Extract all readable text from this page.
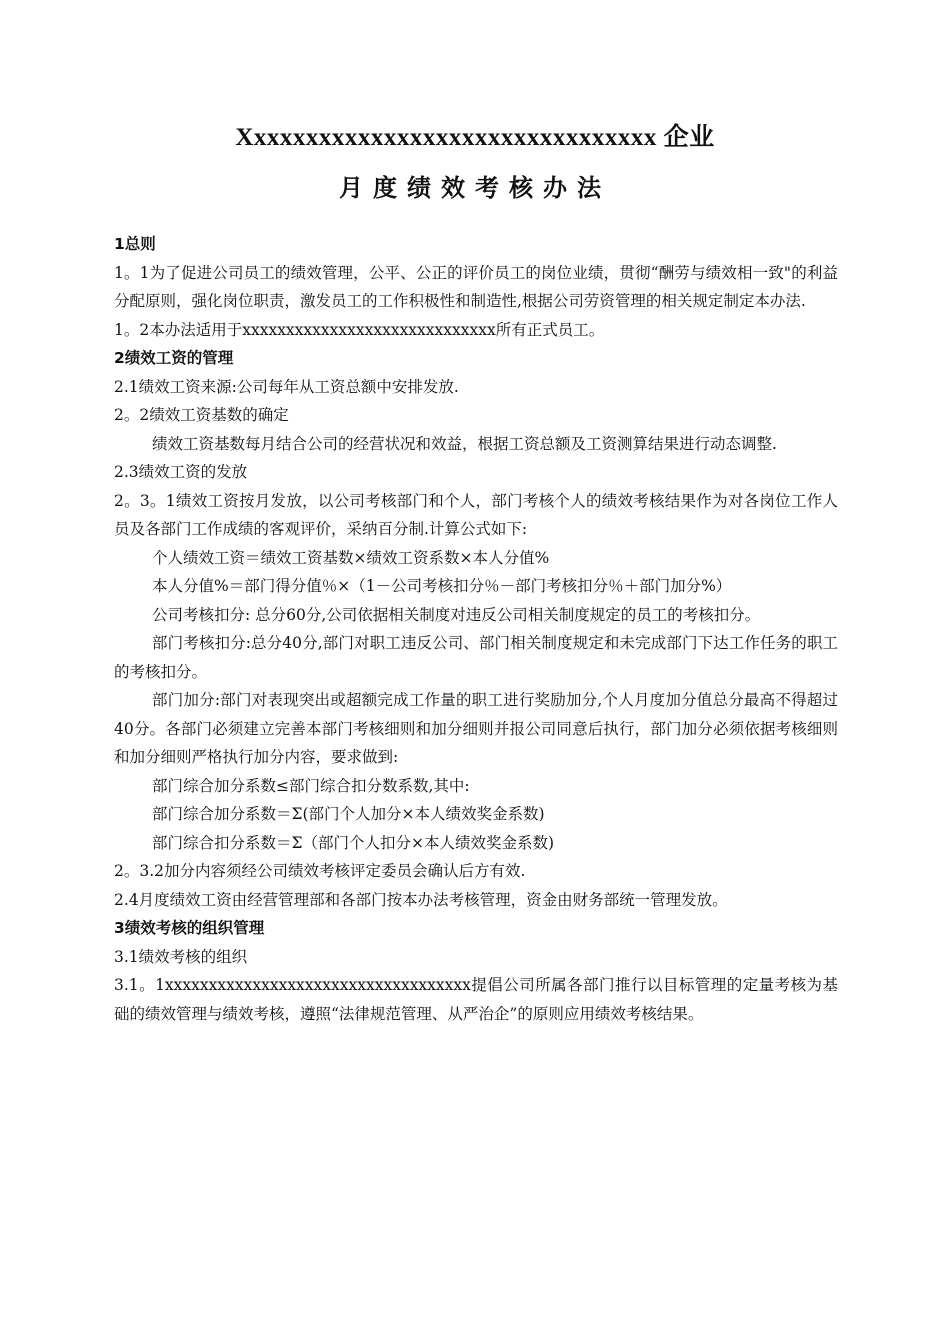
Xxxxxxxxxxxxxxxxxxxxxxxxxxxxxxxx 企业
月度绩效考核办法

1总则

1。1为了促进公司员工的绩效管理，公平、公正的评价员工的岗位业绩，贯彻“酬劳与绩效相一致"的利益分配原则，强化岗位职责，激发员工的工作积极性和制造性,根据公司劳资管理的相关规定制定本办法.

1。2本办法适用于xxxxxxxxxxxxxxxxxxxxxxxxxxxxx所有正式员工。

2绩效工资的管理

2.1绩效工资来源:公司每年从工资总额中安排发放.

2。2绩效工资基数的确定

绩效工资基数每月结合公司的经营状况和效益，根据工资总额及工资测算结果进行动态调整.

2.3绩效工资的发放

2。3。1绩效工资按月发放，以公司考核部门和个人，部门考核个人的绩效考核结果作为对各岗位工作人员及各部门工作成绩的客观评价，采纳百分制.计算公式如下:

个人绩效工资＝绩效工资基数×绩效工资系数×本人分值%

本人分值%＝部门得分值％×（1－公司考核扣分％－部门考核扣分％＋部门加分%）

公司考核扣分: 总分60分,公司依据相关制度对违反公司相关制度规定的员工的考核扣分。

部门考核扣分:总分40分,部门对职工违反公司、部门相关制度规定和未完成部门下达工作任务的职工的考核扣分。

部门加分:部门对表现突出或超额完成工作量的职工进行奖励加分,个人月度加分值总分最高不得超过40分。各部门必须建立完善本部门考核细则和加分细则并报公司同意后执行，部门加分必须依据考核细则和加分细则严格执行加分内容，要求做到:

部门综合加分系数≤部门综合扣分数系数,其中:

部门综合加分系数＝Σ(部门个人加分×本人绩效奖金系数)

部门综合扣分系数＝Σ（部门个人扣分×本人绩效奖金系数)

2。3.2加分内容须经公司绩效考核评定委员会确认后方有效.

2.4月度绩效工资由经营管理部和各部门按本办法考核管理，资金由财务部统一管理发放。

3绩效考核的组织管理

3.1绩效考核的组织

3.1。1xxxxxxxxxxxxxxxxxxxxxxxxxxxxxxxxxxx提倡公司所属各部门推行以目标管理的定量考核为基础的绩效管理与绩效考核，遵照“法律规范管理、从严治企”的原则应用绩效考核结果。
